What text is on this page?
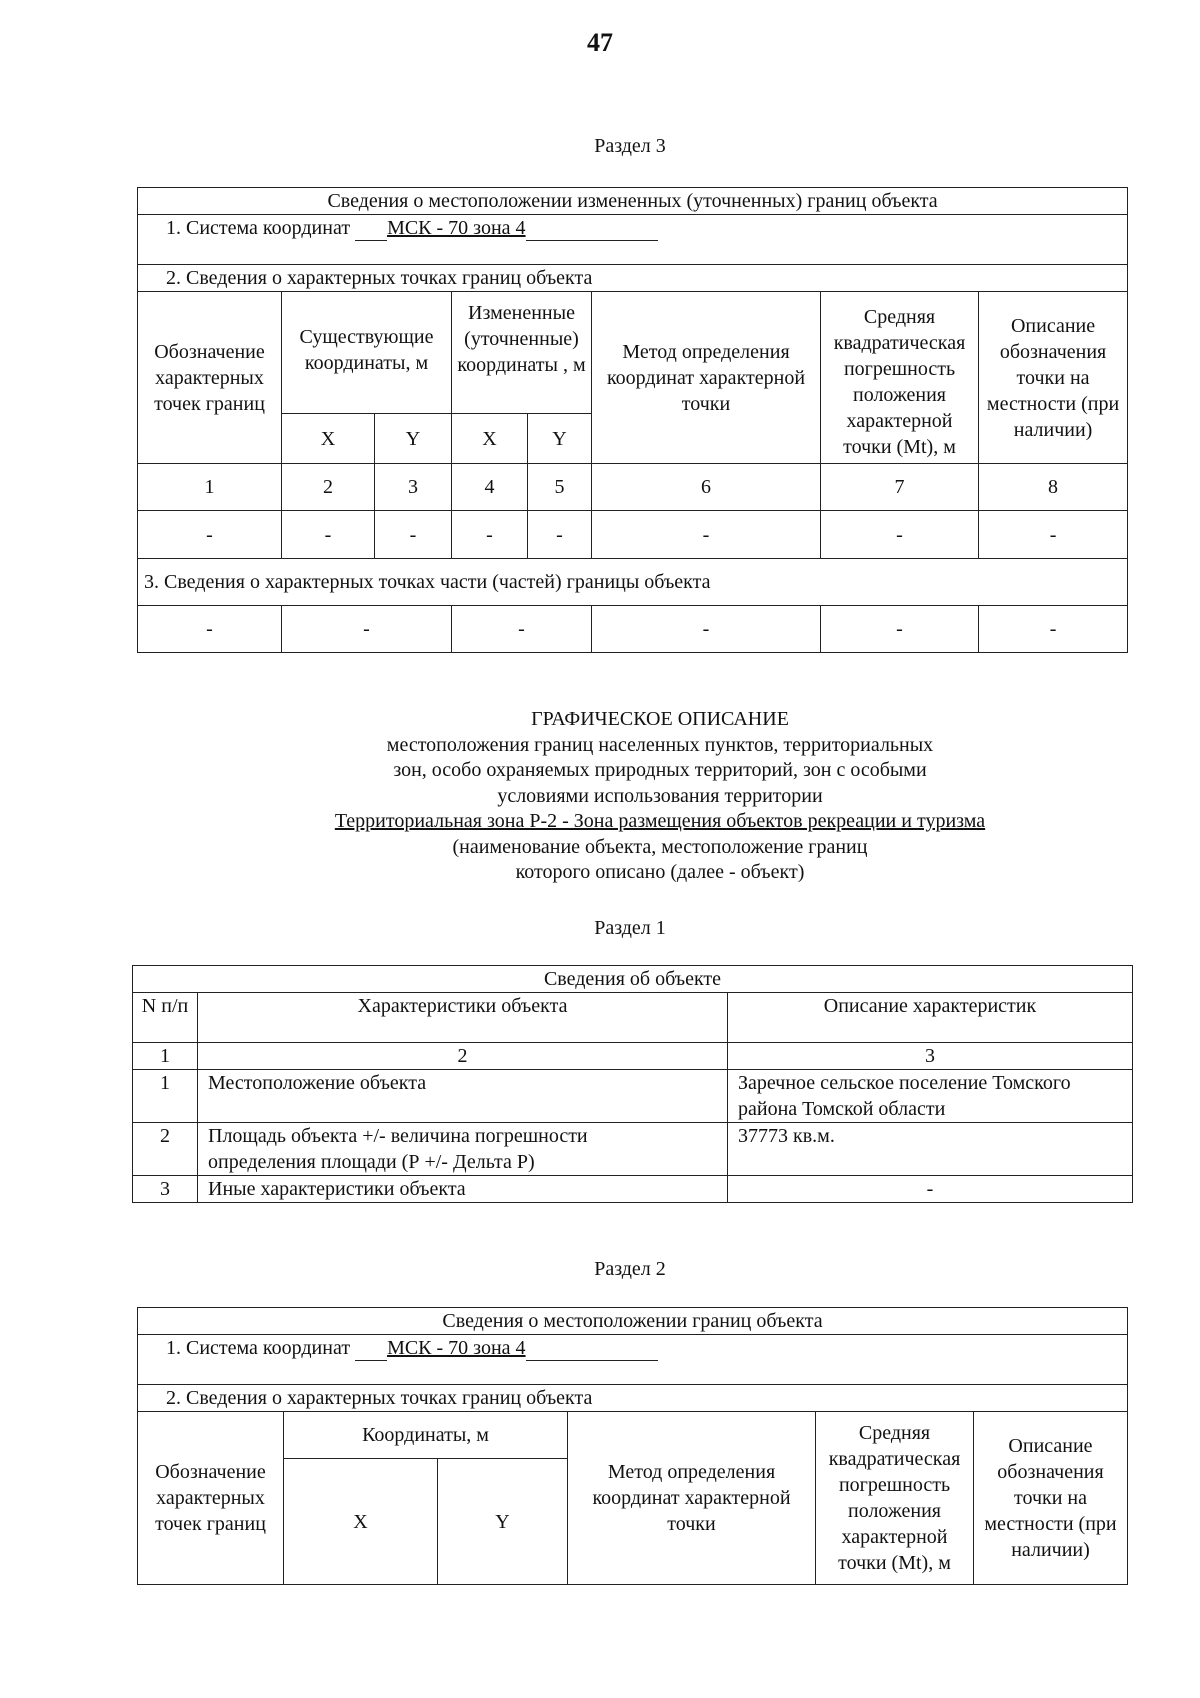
47
Раздел 3
Сведения о местоположении измененных (уточненных) границ объекта							
1. Система координат МСК - 70 зона 4							
2. Сведения о характерных точках границ объекта							
Обозначение характерных точек границ	Существующие координаты, м		Измененные (уточненные) координаты , м		Метод определения координат характерной точки	Средняя квадратическая погрешность положения характерной точки (Mt), м	Описание обозначения точки на местности (при наличии)
	X	Y	X	Y			
1	2	3	4	5	6	7	8
-	-	-	-	-	-	-	-
3. Сведения о характерных точках части (частей) границы объекта							
-	-		-		-	-	-

ГРАФИЧЕСКОЕ ОПИСАНИЕ

местоположения границ населенных пунктов, территориальных

зон, особо охраняемых природных территорий, зон с особыми

условиями использования территории

Территориальная зона Р-2 - Зона размещения объектов рекреации и туризма

(наименование объекта, местоположение границ

которого описано (далее - объект)

Раздел 1
Сведения об объекте		
N п/п	Характеристики объекта	Описание характеристик
1	2	3
1	Местоположение объекта	Заречное сельское поселение Томского района Томской области
2	Площадь объекта +/- величина погрешности определения площади (Р +/- Дельта Р)	37773 кв.м.
3	Иные характеристики объекта	-
Раздел 2
Сведения о местоположении границ объекта					
1. Система координат МСК - 70 зона 4					
2. Сведения о характерных точках границ объекта					
Обозначение характерных точек границ	Координаты, м		Метод определения координат характерной точки	Средняя квадратическая погрешность положения характерной точки (Mt), м	Описание обозначения точки на местности (при наличии)
	X	Y			
